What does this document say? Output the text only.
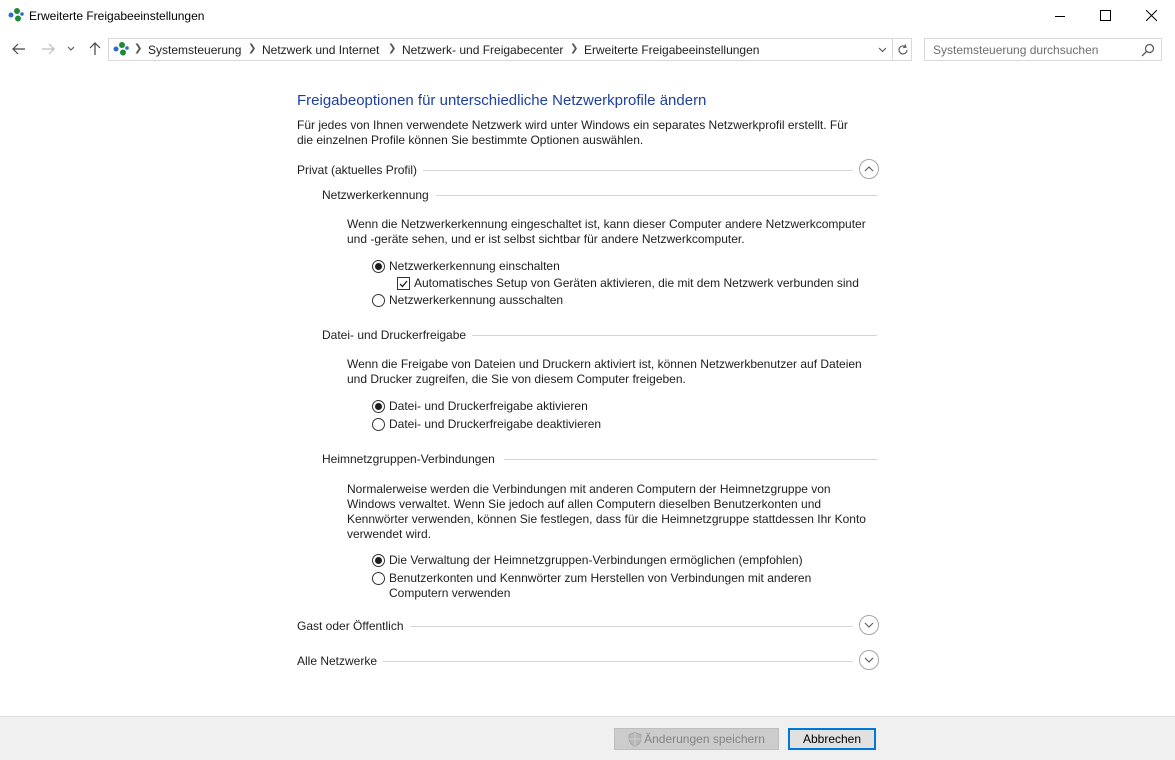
Erweiterte Freigabeeinstellungen
❯ Systemsteuerung ❯ Netzwerk und Internet ❯ Netzwerk- und Freigabecenter ❯ Erweiterte Freigabeeinstellungen	Systemsteuerung durchsuchen
Freigabeoptionen für unterschiedliche Netzwerkprofile ändern
Für jedes von Ihnen verwendete Netzwerk wird unter Windows ein separates Netzwerkprofil erstellt. Für die einzelnen Profile können Sie bestimmte Optionen auswählen.
Privat (aktuelles Profil)
Netzwerkerkennung
Wenn die Netzwerkerkennung eingeschaltet ist, kann dieser Computer andere Netzwerkcomputer und -geräte sehen, und er ist selbst sichtbar für andere Netzwerkcomputer.
Netzwerkerkennung einschalten
Automatisches Setup von Geräten aktivieren, die mit dem Netzwerk verbunden sind
Netzwerkerkennung ausschalten
Datei- und Druckerfreigabe
Wenn die Freigabe von Dateien und Druckern aktiviert ist, können Netzwerkbenutzer auf Dateien und Drucker zugreifen, die Sie von diesem Computer freigeben.
Datei- und Druckerfreigabe aktivieren
Datei- und Druckerfreigabe deaktivieren
Heimnetzgruppen-Verbindungen
Normalerweise werden die Verbindungen mit anderen Computern der Heimnetzgruppe von Windows verwaltet. Wenn Sie jedoch auf allen Computern dieselben Benutzerkonten und Kennwörter verwenden, können Sie festlegen, dass für die Heimnetzgruppe stattdessen Ihr Konto verwendet wird.
Die Verwaltung der Heimnetzgruppen-Verbindungen ermöglichen (empfohlen)
Benutzerkonten und Kennwörter zum Herstellen von Verbindungen mit anderen Computern verwenden
Gast oder Öffentlich
Alle Netzwerke
Änderungen speichern	Abbrechen
